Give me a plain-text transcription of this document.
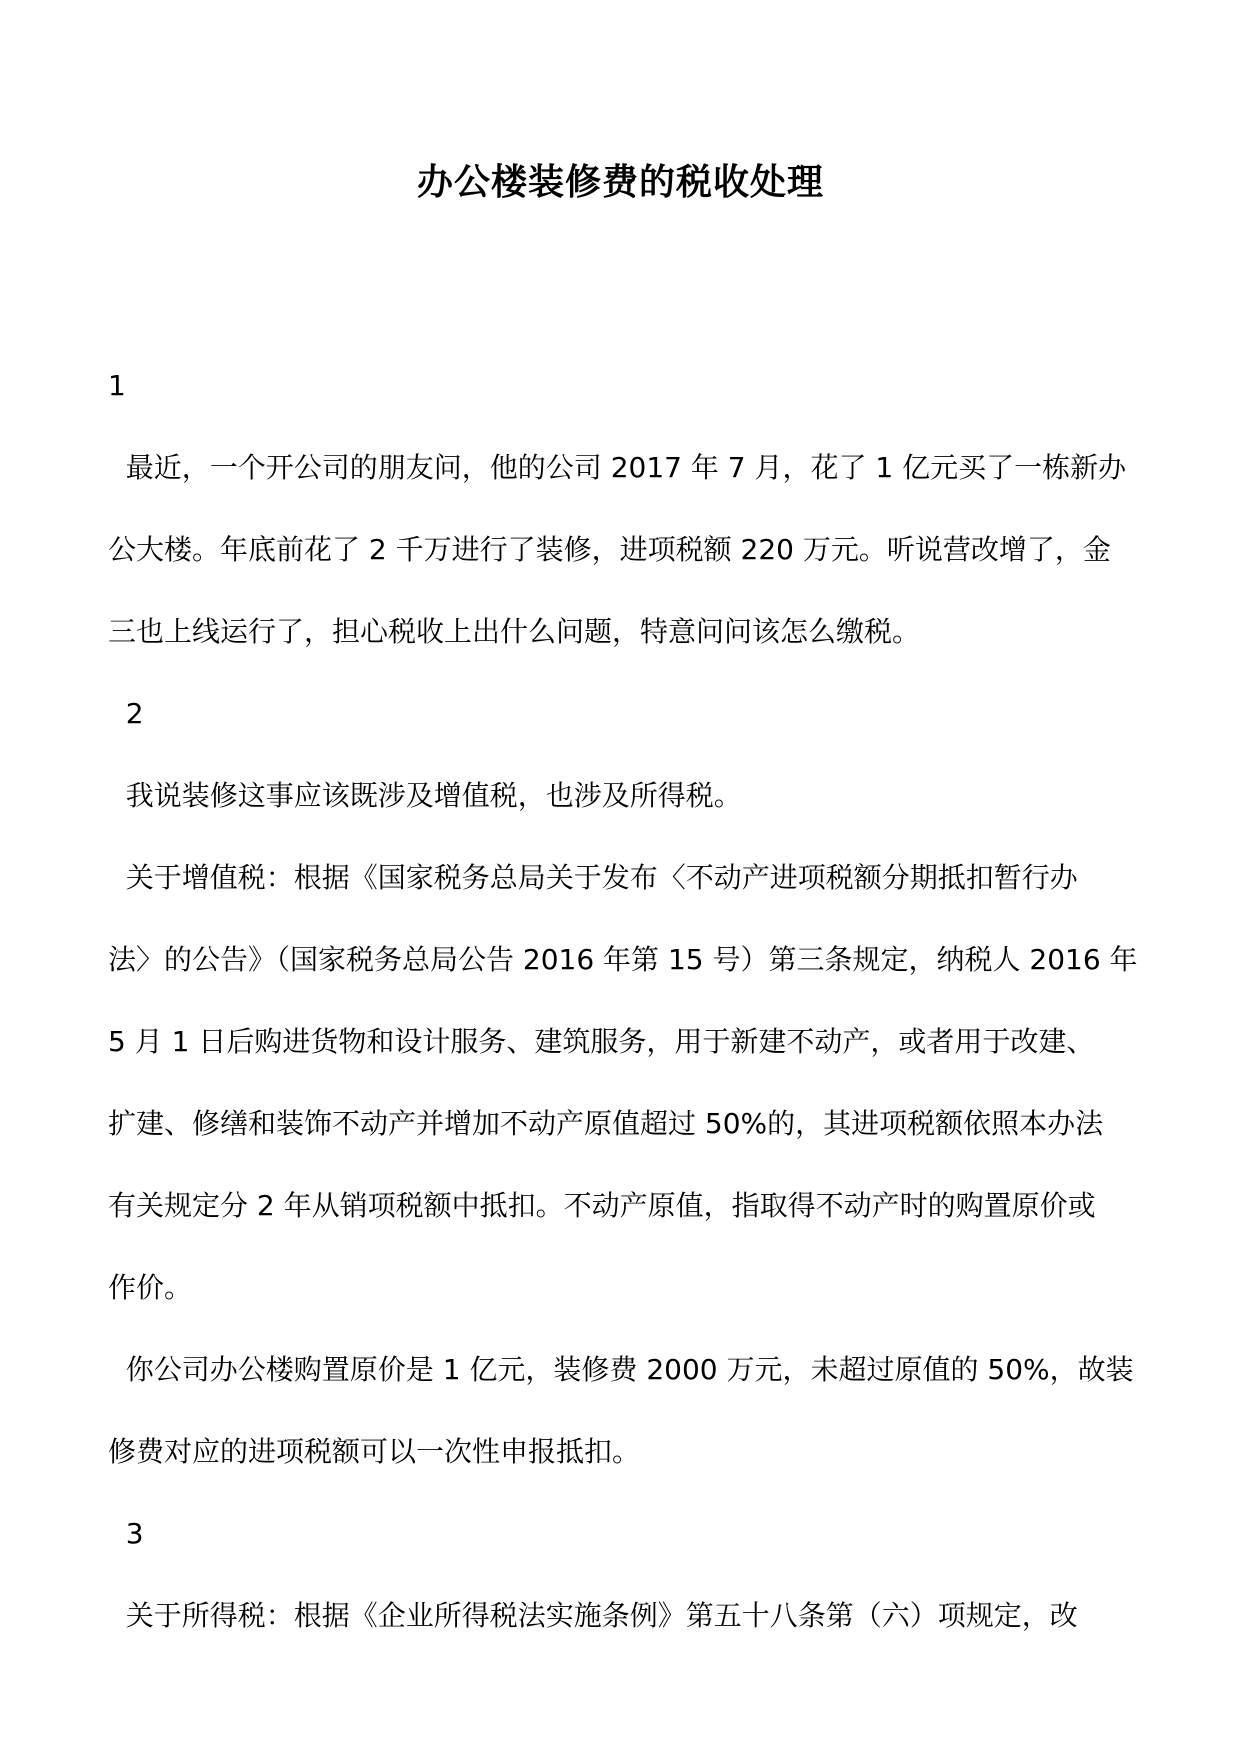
办公楼装修费的税收处理
1
最近，一个开公司的朋友问，他的公司 2017 年 7 月，花了 1 亿元买了一栋新办
公大楼。年底前花了 2 千万进行了装修，进项税额 220 万元。听说营改增了，金
三也上线运行了，担心税收上出什么问题，特意问问该怎么缴税。
2
我说装修这事应该既涉及增值税，也涉及所得税。
关于增值税：根据《国家税务总局关于发布〈不动产进项税额分期抵扣暂行办
法〉的公告》（国家税务总局公告 2016 年第 15 号）第三条规定，纳税人 2016 年
5 月 1 日后购进货物和设计服务、建筑服务，用于新建不动产，或者用于改建、
扩建、修缮和装饰不动产并增加不动产原值超过 50%的，其进项税额依照本办法
有关规定分 2 年从销项税额中抵扣。不动产原值，指取得不动产时的购置原价或
作价。
你公司办公楼购置原价是 1 亿元，装修费 2000 万元，未超过原值的 50%，故装
修费对应的进项税额可以一次性申报抵扣。
3
关于所得税：根据《企业所得税法实施条例》第五十八条第（六）项规定，改
